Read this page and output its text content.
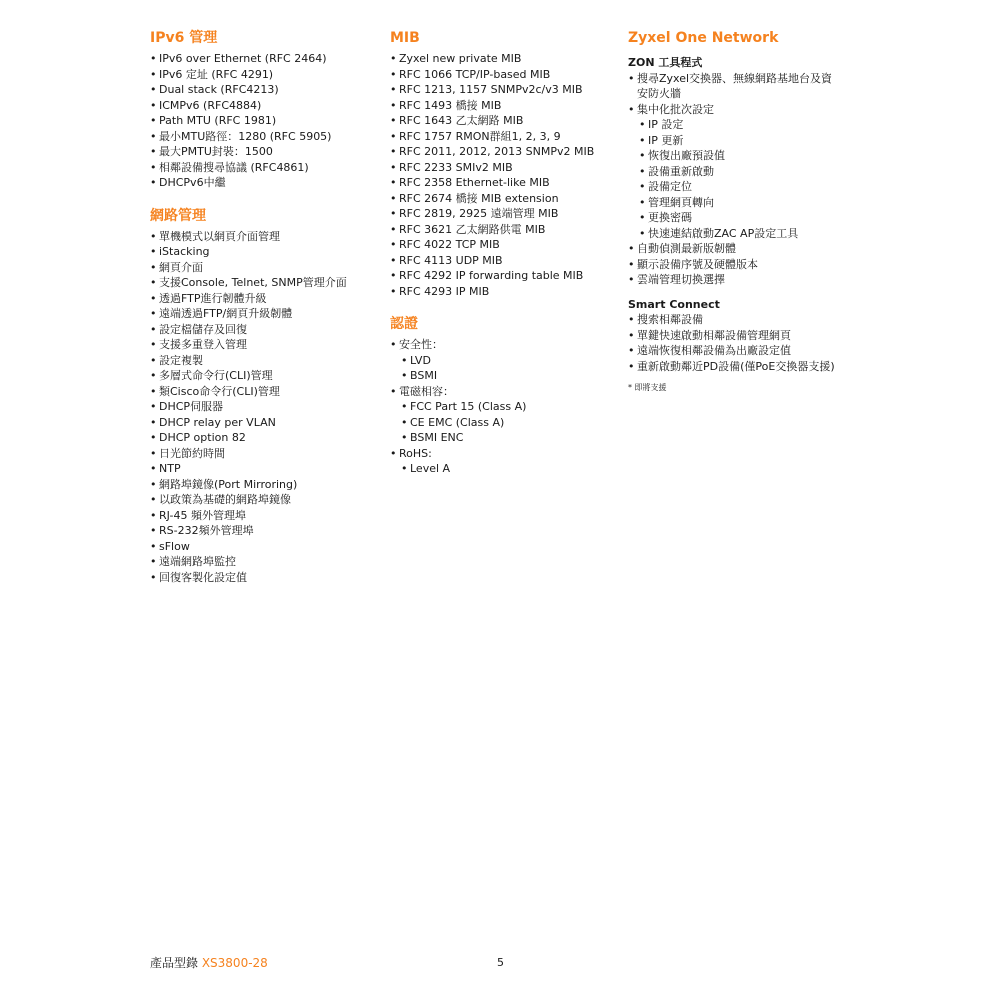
IPv6 管理
• IPv6 over Ethernet (RFC 2464)
• IPv6 定址 (RFC 4291)
• Dual stack (RFC4213)
• ICMPv6 (RFC4884)
• Path MTU (RFC 1981)
• 最小MTU路徑：1280 (RFC 5905)
• 最大PMTU封裝：1500
• 相鄰設備搜尋協議 (RFC4861)
• DHCPv6中繼
網路管理
• 單機模式以網頁介面管理
• iStacking
• 網頁介面
• 支援Console, Telnet, SNMP管理介面
• 透過FTP進行韌體升級
• 遠端透過FTP/網頁升級韌體
• 設定檔儲存及回復
• 支援多重登入管理
• 設定複製
• 多層式命令行(CLI)管理
• 類Cisco命令行(CLI)管理
• DHCP伺服器
• DHCP relay per VLAN
• DHCP option 82
• 日光節約時間
• NTP
• 網路埠鏡像(Port Mirroring)
• 以政策為基礎的網路埠鏡像
• RJ-45 頻外管理埠
• RS-232頻外管理埠
• sFlow
• 遠端網路埠監控
• 回復客製化設定值
MIB
• Zyxel new private MIB
• RFC 1066 TCP/IP-based MIB
• RFC 1213, 1157 SNMPv2c/v3 MIB
• RFC 1493 橋接 MIB
• RFC 1643 乙太網路 MIB
• RFC 1757 RMON群組1, 2, 3, 9
• RFC 2011, 2012, 2013 SNMPv2 MIB
• RFC 2233 SMIv2 MIB
• RFC 2358 Ethernet-like MIB
• RFC 2674 橋接 MIB extension
• RFC 2819, 2925 遠端管理 MIB
• RFC 3621 乙太網路供電 MIB
• RFC 4022 TCP MIB
• RFC 4113 UDP MIB
• RFC 4292 IP forwarding table MIB
• RFC 4293 IP MIB
認證
• 安全性：
• LVD
• BSMI
• 電磁相容：
• FCC Part 15 (Class A)
• CE EMC (Class A)
• BSMI ENC
• RoHS:
• Level A
Zyxel One Network
ZON 工具程式
• 搜尋Zyxel交換器、無線網路基地台及資
安防火牆
• 集中化批次設定
• IP 設定
• IP 更新
• 恢復出廠預設值
• 設備重新啟動
• 設備定位
• 管理網頁轉向
• 更換密碼
• 快速連結啟動ZAC AP設定工具
• 自動偵測最新版韌體
• 顯示設備序號及硬體版本
• 雲端管理切換選擇
Smart Connect
• 搜索相鄰設備
• 單鍵快速啟動相鄰設備管理網頁
• 遠端恢復相鄰設備為出廠設定值
• 重新啟動鄰近PD設備(僅PoE交換器支援)
* 即將支援
產品型錄 XS3800-28	5
